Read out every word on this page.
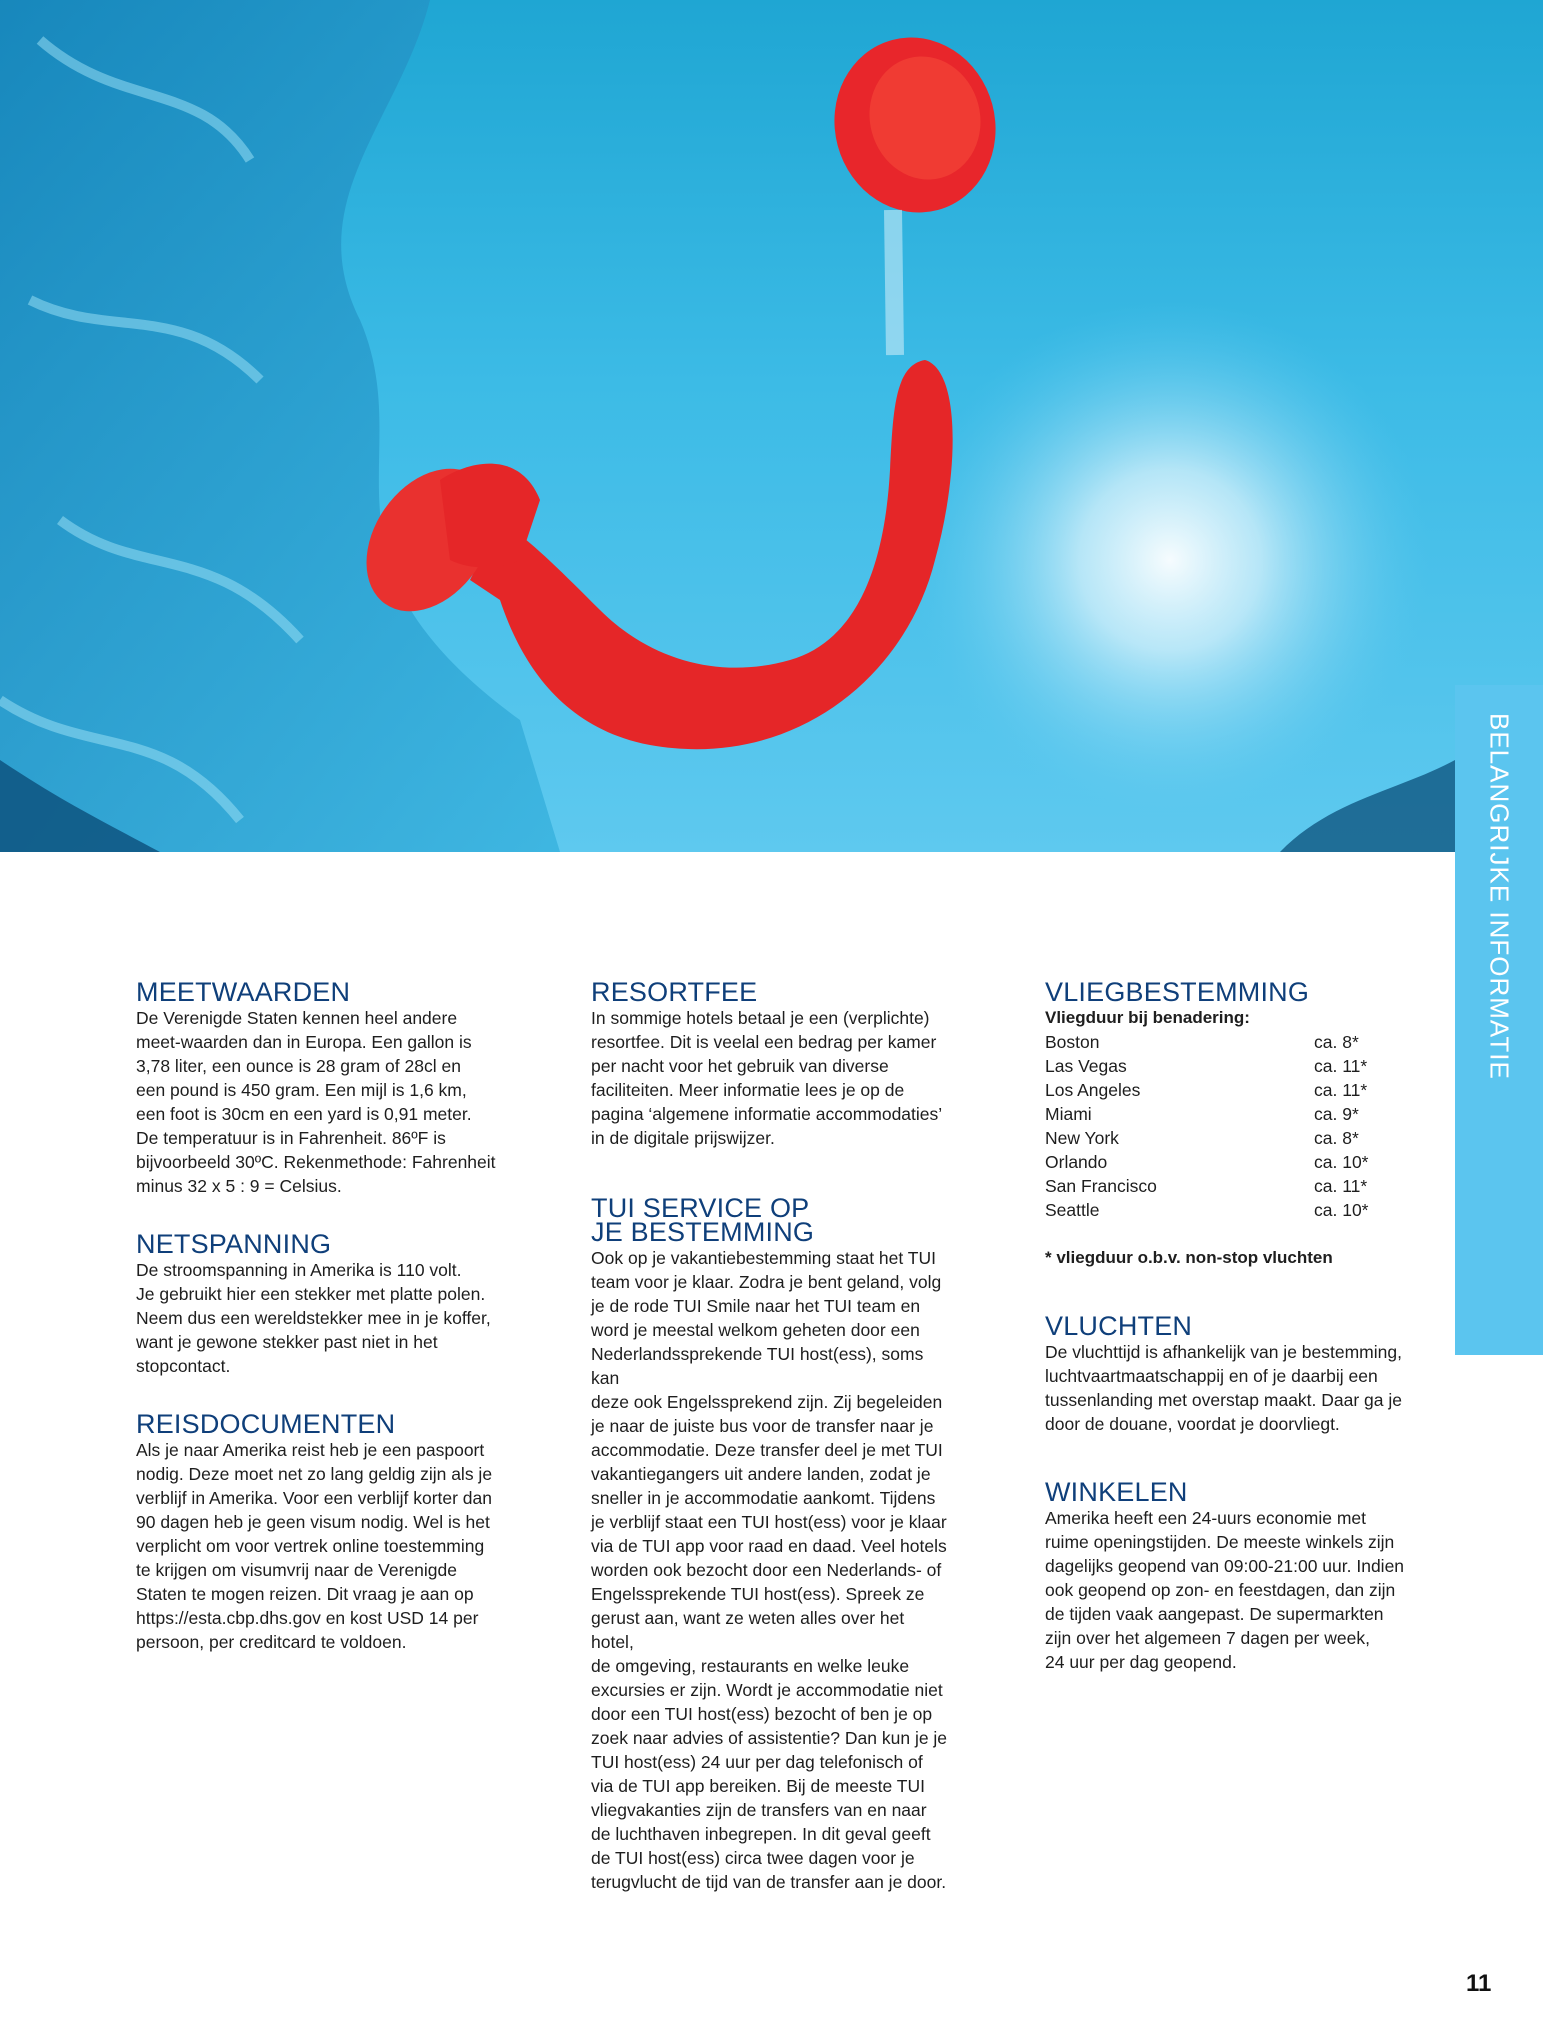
BELANGRIJKE INFORMATIE
MEETWAARDEN

De Verenigde Staten kennen heel andere
meet-waarden dan in Europa. Een gallon is
3,78 liter, een ounce is 28 gram of 28cl en
een pound is 450 gram. Een mijl is 1,6 km,
een foot is 30cm en een yard is 0,91 meter.
De temperatuur is in Fahrenheit. 86ºF is
bijvoorbeeld 30ºC. Rekenmethode: Fahrenheit
minus 32 x 5 : 9 = Celsius.

NETSPANNING

De stroomspanning in Amerika is 110 volt.
Je gebruikt hier een stekker met platte polen.
Neem dus een wereldstekker mee in je koffer,
want je gewone stekker past niet in het
stopcontact.

REISDOCUMENTEN

Als je naar Amerika reist heb je een paspoort
nodig. Deze moet net zo lang geldig zijn als je
verblijf in Amerika. Voor een verblijf korter dan
90 dagen heb je geen visum nodig. Wel is het
verplicht om voor vertrek online toestemming
te krijgen om visumvrij naar de Verenigde
Staten te mogen reizen. Dit vraag je aan op
https://esta.cbp.dhs.gov en kost USD 14 per
persoon, per creditcard te voldoen.

RESORTFEE

In sommige hotels betaal je een (verplichte)
resortfee. Dit is veelal een bedrag per kamer
per nacht voor het gebruik van diverse
faciliteiten. Meer informatie lees je op de
pagina ‘algemene informatie accommodaties’
in de digitale prijswijzer.

TUI SERVICE OP
JE BESTEMMING

Ook op je vakantiebestemming staat het TUI
team voor je klaar. Zodra je bent geland, volg
je de rode TUI Smile naar het TUI team en
word je meestal welkom geheten door een
Nederlandssprekende TUI host(ess), soms kan
deze ook Engelssprekend zijn. Zij begeleiden
je naar de juiste bus voor de transfer naar je
accommodatie. Deze transfer deel je met TUI
vakantiegangers uit andere landen, zodat je
sneller in je accommodatie aankomt. Tijdens
je verblijf staat een TUI host(ess) voor je klaar
via de TUI app voor raad en daad. Veel hotels
worden ook bezocht door een Nederlands- of
Engelssprekende TUI host(ess). Spreek ze
gerust aan, want ze weten alles over het hotel,
de omgeving, restaurants en welke leuke
excursies er zijn. Wordt je accommodatie niet
door een TUI host(ess) bezocht of ben je op
zoek naar advies of assistentie? Dan kun je je
TUI host(ess) 24 uur per dag telefonisch of
via de TUI app bereiken. Bij de meeste TUI
vliegvakanties zijn de transfers van en naar
de luchthaven inbegrepen. In dit geval geeft
de TUI host(ess) circa twee dagen voor je
terugvlucht de tijd van de transfer aan je door.

VLIEGBESTEMMING
Vliegduur bij benadering:
Boston	ca. 8*
Las Vegas	ca. 11*
Los Angeles	ca. 11*
Miami	ca. 9*
New York	ca. 8*
Orlando	ca. 10*
San Francisco	ca. 11*
Seattle	ca. 10*
* vliegduur o.b.v. non-stop vluchten
VLUCHTEN

De vluchttijd is afhankelijk van je bestemming,
luchtvaartmaatschappij en of je daarbij een
tussenlanding met overstap maakt. Daar ga je
door de douane, voordat je doorvliegt.

WINKELEN

Amerika heeft een 24-uurs economie met
ruime openingstijden. De meeste winkels zijn
dagelijks geopend van 09:00-21:00 uur. Indien
ook geopend op zon- en feestdagen, dan zijn
de tijden vaak aangepast. De supermarkten
zijn over het algemeen 7 dagen per week,
24 uur per dag geopend.

11
